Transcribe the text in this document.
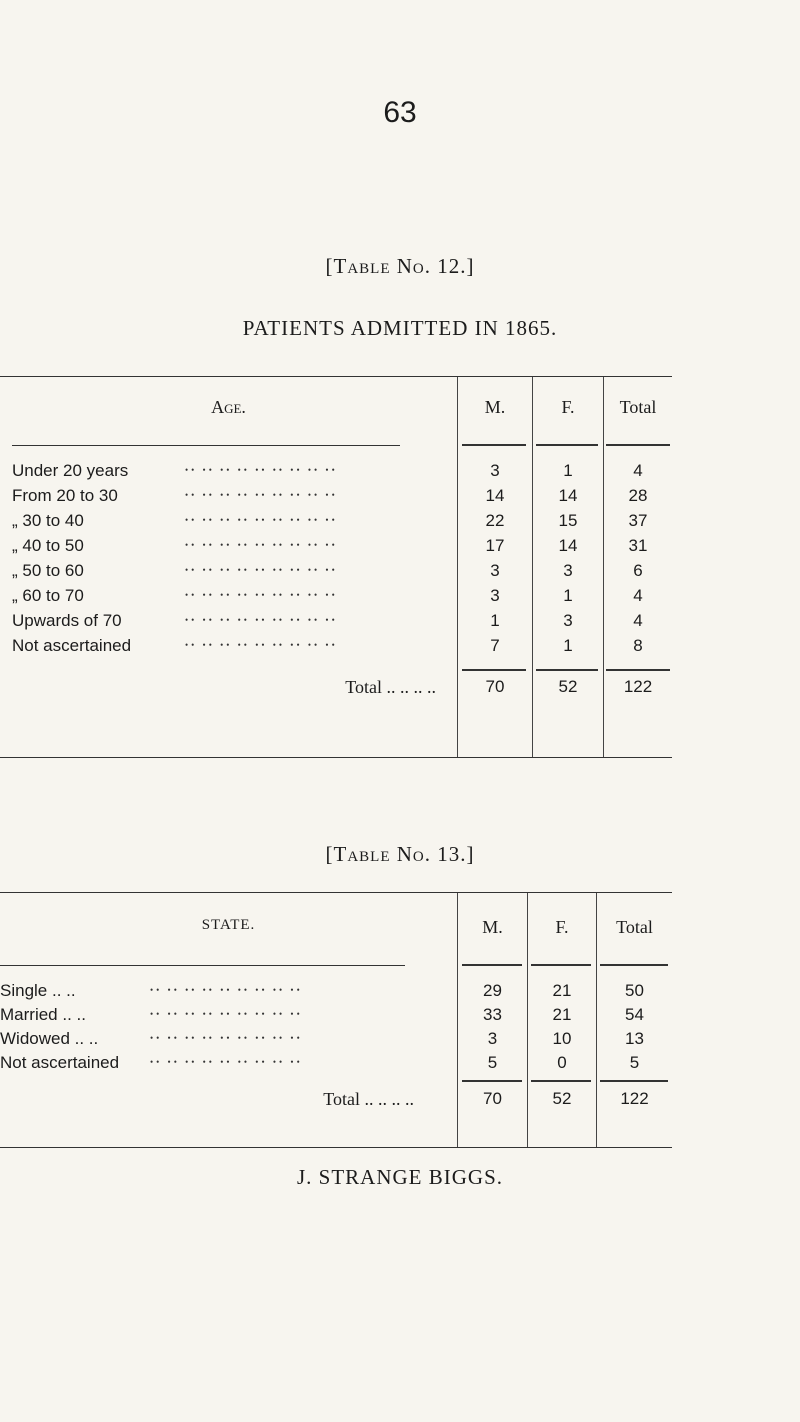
63
[Table No. 12.]
PATIENTS ADMITTED IN 1865.
Age.	M.	F.	Total
Under 20 years	•• •• •• •• •• •• •• •• ••	3	1	4
From 20 to 30	•• •• •• •• •• •• •• •• ••	14	14	28
„ 30 to 40	•• •• •• •• •• •• •• •• ••	22	15	37
„ 40 to 50	•• •• •• •• •• •• •• •• ••	17	14	31
„ 50 to 60	•• •• •• •• •• •• •• •• ••	3	3	6
„ 60 to 70	•• •• •• •• •• •• •• •• ••	3	1	4
Upwards of 70	•• •• •• •• •• •• •• •• ••	1	3	4
Not ascertained	•• •• •• •• •• •• •• •• ••	7	1	8
Total .. .. .. ..	70	52	122
[Table No. 13.]
STATE.	M.	F.	Total
Single .. ..	•• •• •• •• •• •• •• •• ••	29	21	50
Married .. ..	•• •• •• •• •• •• •• •• ••	33	21	54
Widowed .. ..	•• •• •• •• •• •• •• •• ••	3	10	13
Not ascertained	•• •• •• •• •• •• •• •• ••	5	0	5
Total .. .. .. ..	70	52	122
J. STRANGE BIGGS.
